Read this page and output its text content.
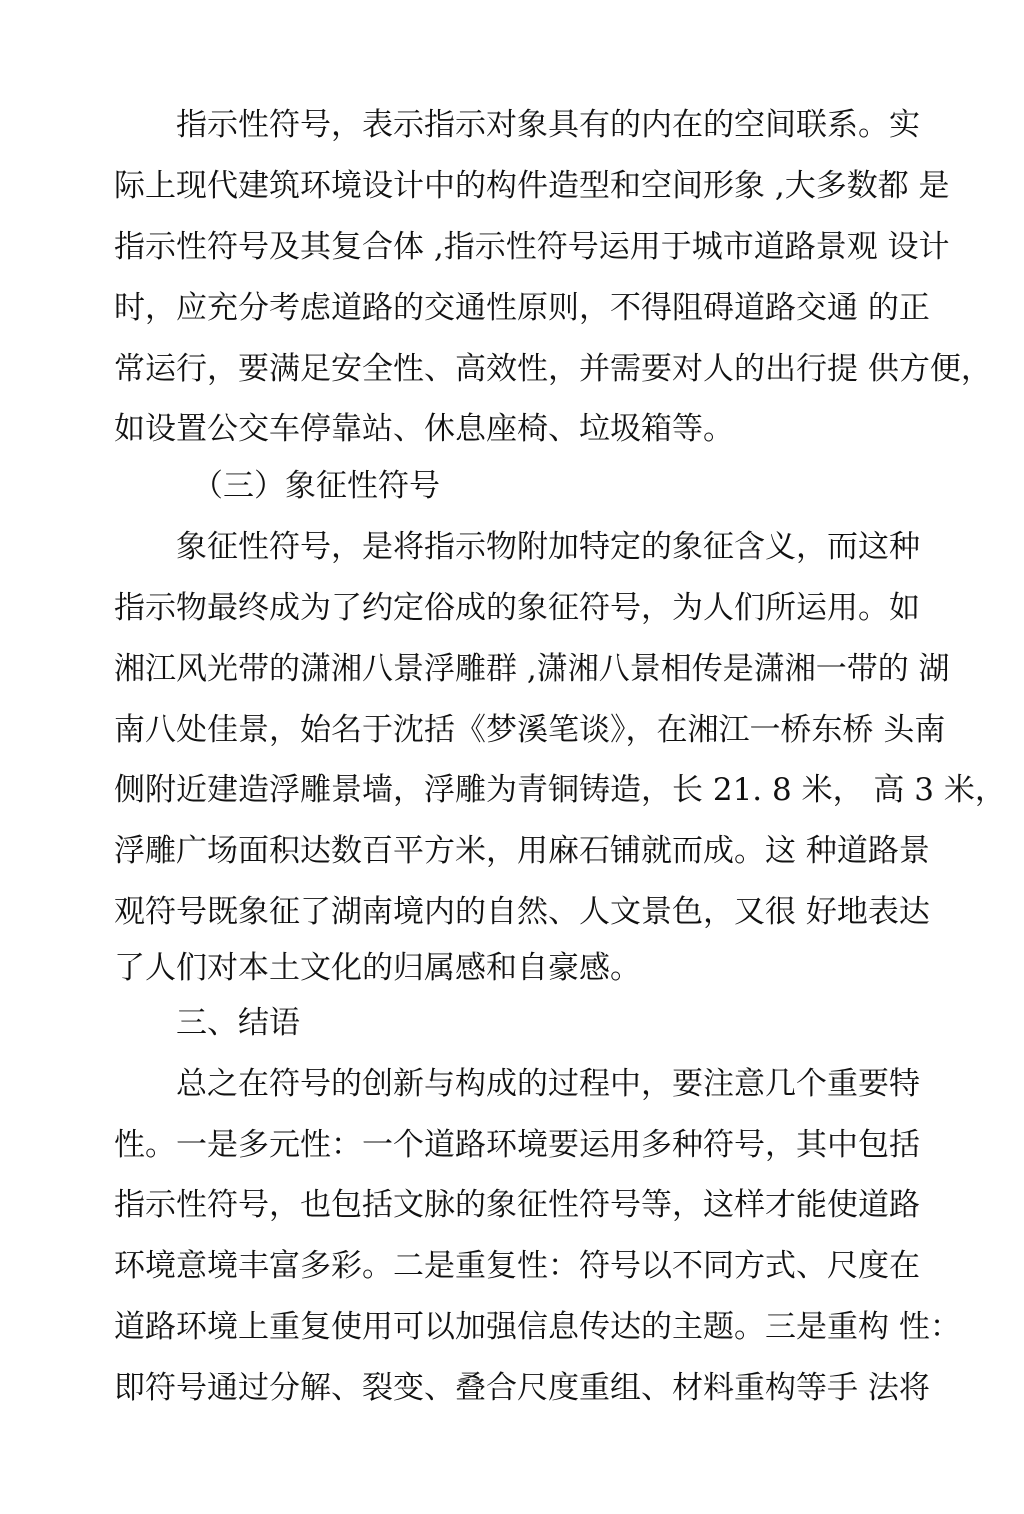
指示性符号，表示指示对象具有的内在的空间联系。实
际上现代建筑环境设计中的构件造型和空间形象 ,大多数都 是
指示性符号及其复合体 ,指示性符号运用于城市道路景观 设计
时，应充分考虑道路的交通性原则，不得阻碍道路交通 的正
常运行，要满足安全性、高效性，并需要对人的出行提 供方便，
如设置公交车停靠站、休息座椅、垃圾箱等。
（三）象征性符号
象征性符号，是将指示物附加特定的象征含义，而这种
指示物最终成为了约定俗成的象征符号，为人们所运用。如
湘江风光带的潇湘八景浮雕群 ,潇湘八景相传是潇湘一带的 湖
南八处佳景，始名于沈括《梦溪笔谈》，在湘江一桥东桥 头南
侧附近建造浮雕景墙，浮雕为青铜铸造，长 21. 8 米， 高 3 米，
浮雕广场面积达数百平方米，用麻石铺就而成。这 种道路景
观符号既象征了湖南境内的自然、人文景色，又很 好地表达
了人们对本土文化的归属感和自豪感。
三、结语
总之在符号的创新与构成的过程中，要注意几个重要特
性。一是多元性：一个道路环境要运用多种符号，其中包括
指示性符号，也包括文脉的象征性符号等，这样才能使道路
环境意境丰富多彩。二是重复性：符号以不同方式、尺度在
道路环境上重复使用可以加强信息传达的主题。三是重构 性：
即符号通过分解、裂变、叠合尺度重组、材料重构等手 法将
